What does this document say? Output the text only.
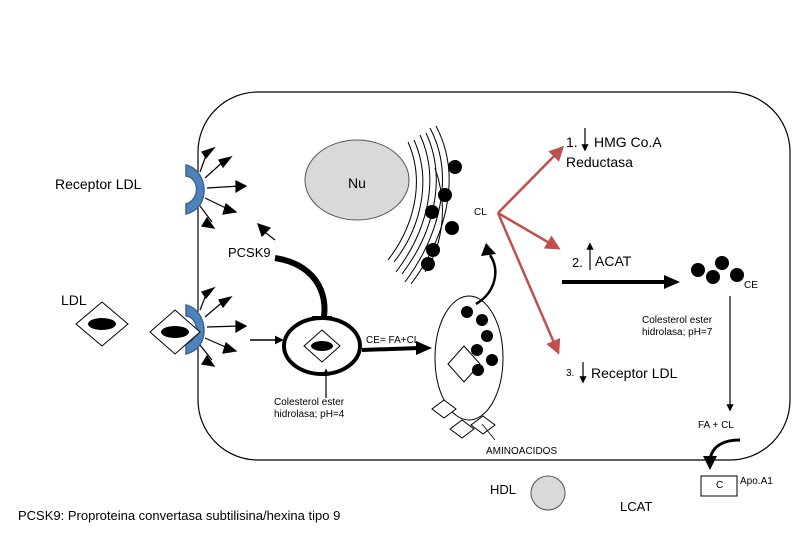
Receptor LDL	Nu
1. HMG Co.A
Reductasa
CL
PCSK9
2. ACAT
CE
LDL
Colesterol ester
hidrolasa; pH=7
CE= FA+CL
3. Receptor LDL
Colesterol ester
hidrolasa; pH=4
FA + CL
AMINOACIDOS
HDL
LCAT
C Apo.A1
PCSK9: Proproteina convertasa subtilisina/hexina tipo 9
